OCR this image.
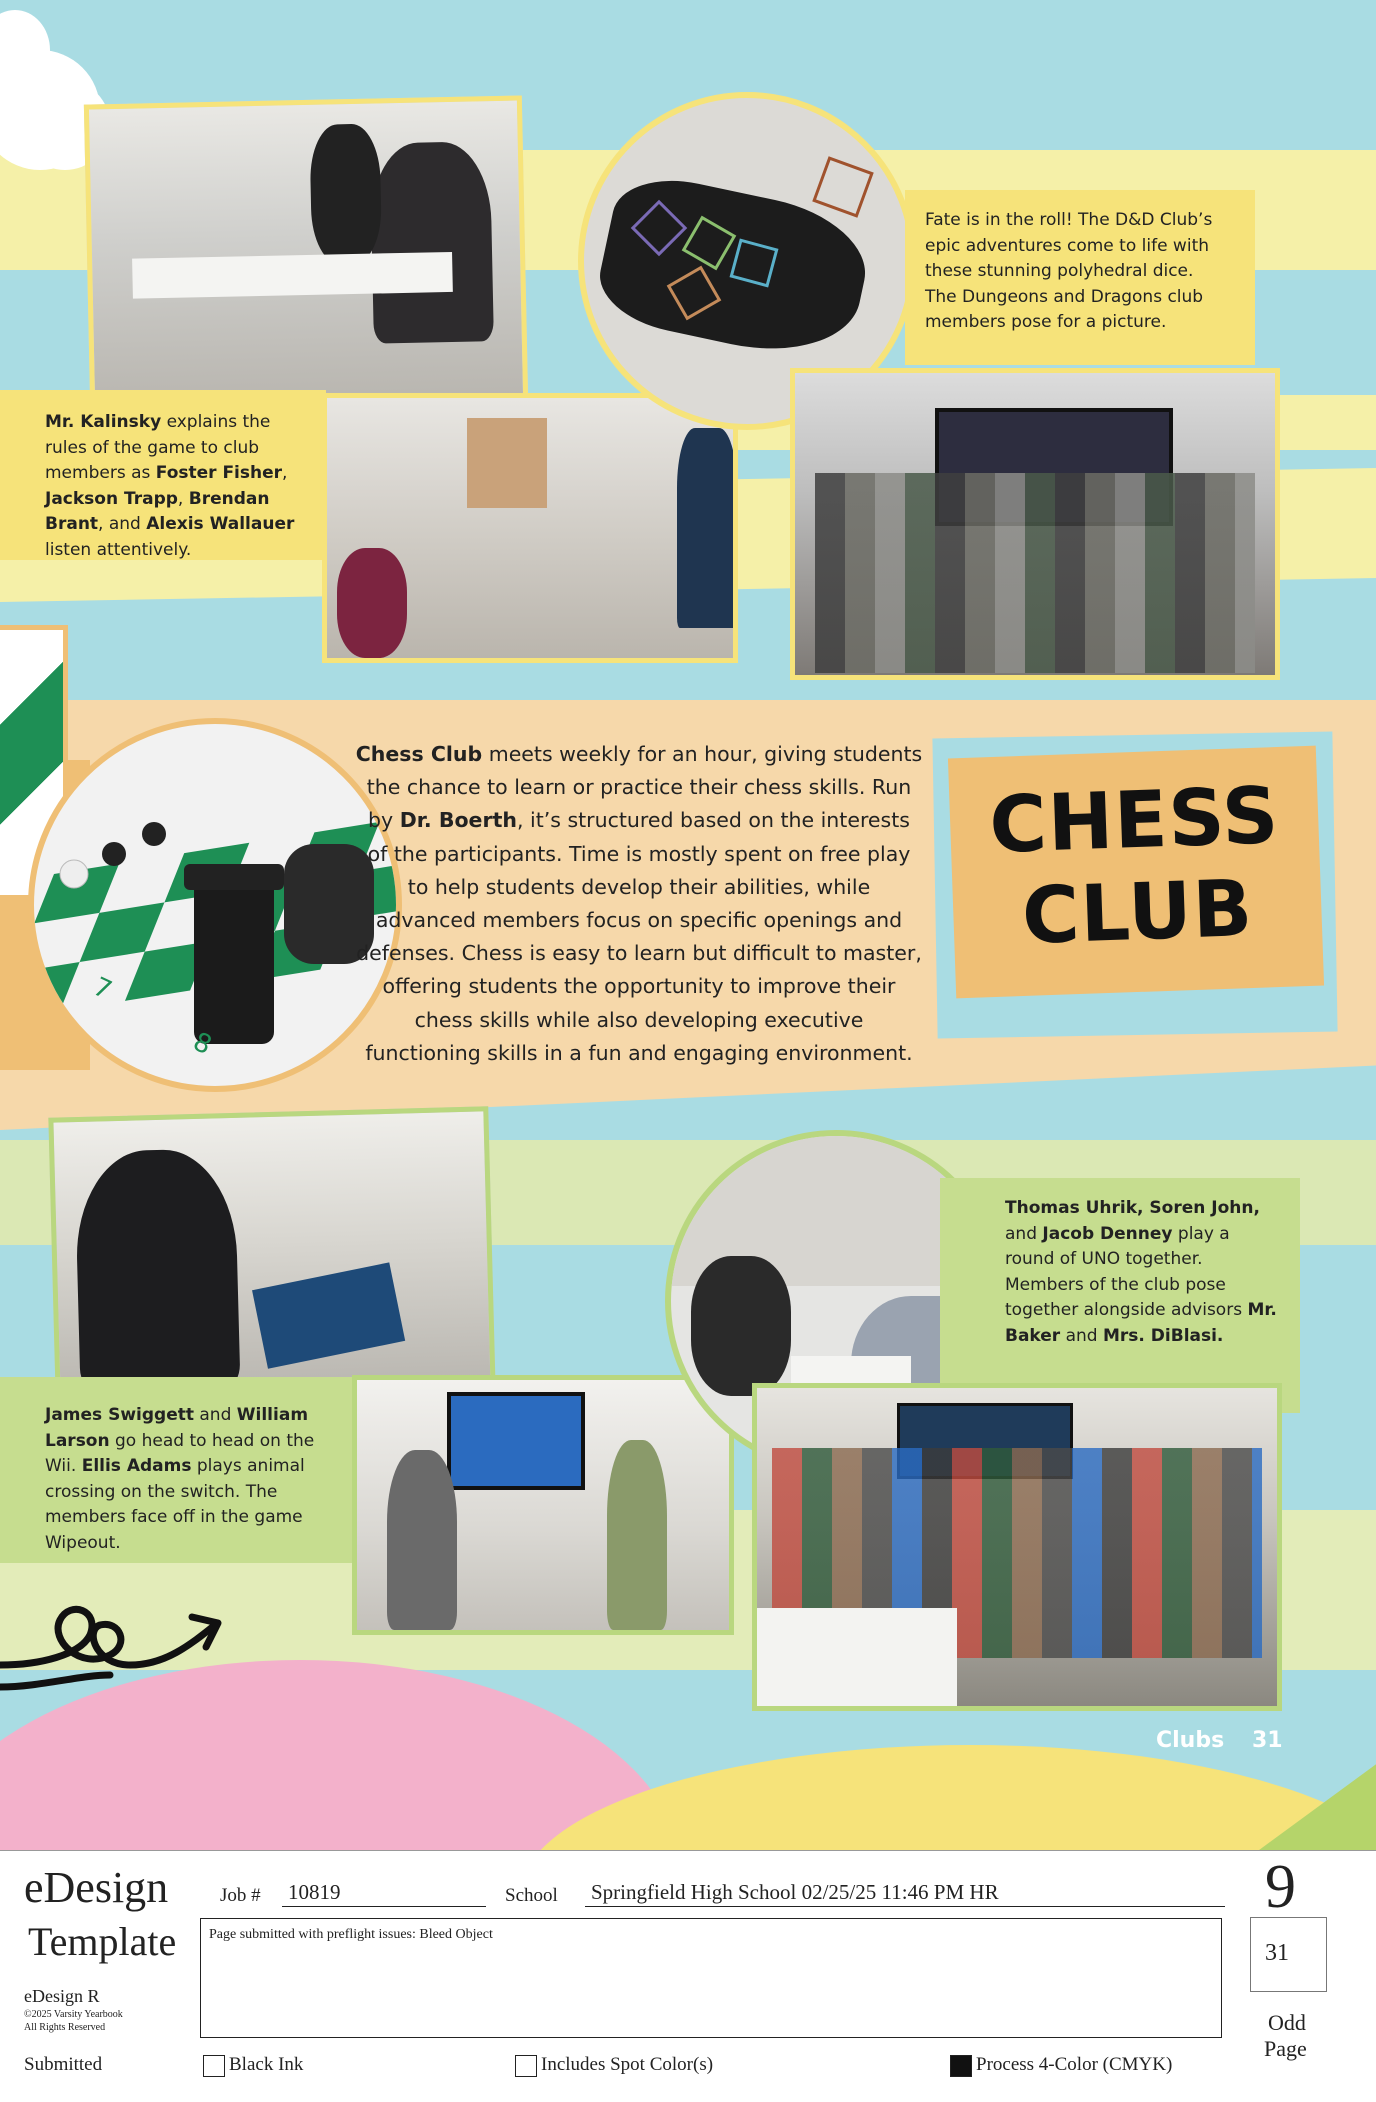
Mr. Kalinsky explains the rules of the game to club members as Foster Fisher, Jackson Trapp, Brendan Brant, and Alexis Wallauer listen attentively.
Fate is in the roll! The D&D Club’s epic adventures come to life with these stunning polyhedral dice. The Dungeons and Dragons club members pose for a picture.
7
8
Chess Club meets weekly for an hour, giving students the chance to learn or practice their chess skills. Run by Dr. Boerth, it’s structured based on the interests of the participants. Time is mostly spent on free play to help students develop their abilities, while advanced members focus on specific openings and defenses. Chess is easy to learn but difficult to master, offering students the opportunity to improve their chess skills while also developing executive functioning skills in a fun and engaging environment.
CHESS
CLUB
James Swiggett and William Larson go head to head on the Wii. Ellis Adams plays animal crossing on the switch. The members face off in the game Wipeout.
Thomas Uhrik, Soren John, and Jacob Denney play a round of UNO together. Members of the club pose together alongside advisors Mr. Baker and Mrs. DiBlasi.
Clubs 31
eDesign
Template
eDesign R
©2025 Varsity Yearbook
All Rights Reserved
Submitted
Job # 10819	School Springfield High School 02/25/25 11:46 PM HR
Page submitted with preflight issues: Bleed Object
9
31
Odd
Page
Black Ink	Includes Spot Color(s)	Process 4-Color (CMYK)
